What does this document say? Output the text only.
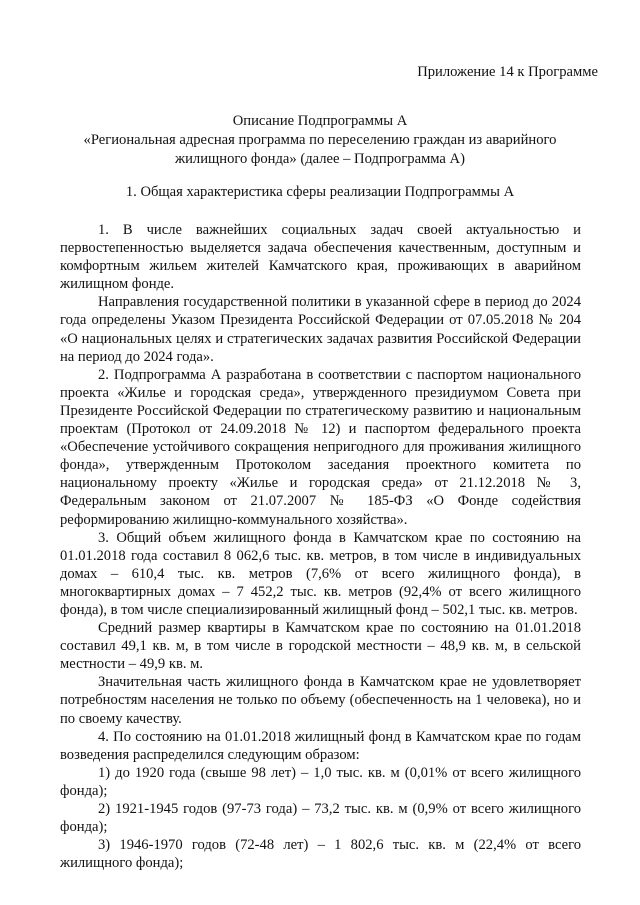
Приложение 14 к Программе
Описание Подпрограммы А
«Региональная адресная программа по переселению граждан из аварийного жилищного фонда» (далее – Подпрограмма А)
1. Общая характеристика сферы реализации Подпрограммы А

1. В числе важнейших социальных задач своей актуальностью и первостепенностью выделяется задача обеспечения качественным, доступным и комфортным жильем жителей Камчатского края, проживающих в аварийном жилищном фонде.

Направления государственной политики в указанной сфере в период до 2024 года определены Указом Президента Российской Федерации от 07.05.2018 № 204 «О национальных целях и стратегических задачах развития Российской Федерации на период до 2024 года».

2. Подпрограмма А разработана в соответствии с паспортом национального проекта «Жилье и городская среда», утвержденного президиумом Совета при Президенте Российской Федерации по стратегическому развитию и национальным проектам (Протокол от 24.09.2018 № 12) и паспортом федерального проекта «Обеспечение устойчивого сокращения непригодного для проживания жилищного фонда», утвержденным Протоколом заседания проектного комитета по национальному проекту «Жилье и городская среда» от 21.12.2018 № 3, Федеральным законом от 21.07.2007 № 185-ФЗ «О Фонде содействия реформированию жилищно-коммунального хозяйства».

3. Общий объем жилищного фонда в Камчатском крае по состоянию на 01.01.2018 года составил 8 062,6 тыс. кв. метров, в том числе в индивидуальных домах – 610,4 тыс. кв. метров (7,6% от всего жилищного фонда), в многоквартирных домах – 7 452,2 тыс. кв. метров (92,4% от всего жилищного фонда), в том числе специализированный жилищный фонд – 502,1 тыс. кв. метров.

Средний размер квартиры в Камчатском крае по состоянию на 01.01.2018 составил 49,1 кв. м, в том числе в городской местности – 48,9 кв. м, в сельской местности – 49,9 кв. м.

Значительная часть жилищного фонда в Камчатском крае не удовлетворяет потребностям населения не только по объему (обеспеченность на 1 человека), но и по своему качеству.

4. По состоянию на 01.01.2018 жилищный фонд в Камчатском крае по годам возведения распределился следующим образом:

1) до 1920 года (свыше 98 лет) – 1,0 тыс. кв. м (0,01% от всего жилищного фонда);

2) 1921-1945 годов (97-73 года) – 73,2 тыс. кв. м (0,9% от всего жилищного фонда);

3) 1946-1970 годов (72-48 лет) – 1 802,6 тыс. кв. м (22,4% от всего жилищного фонда);
